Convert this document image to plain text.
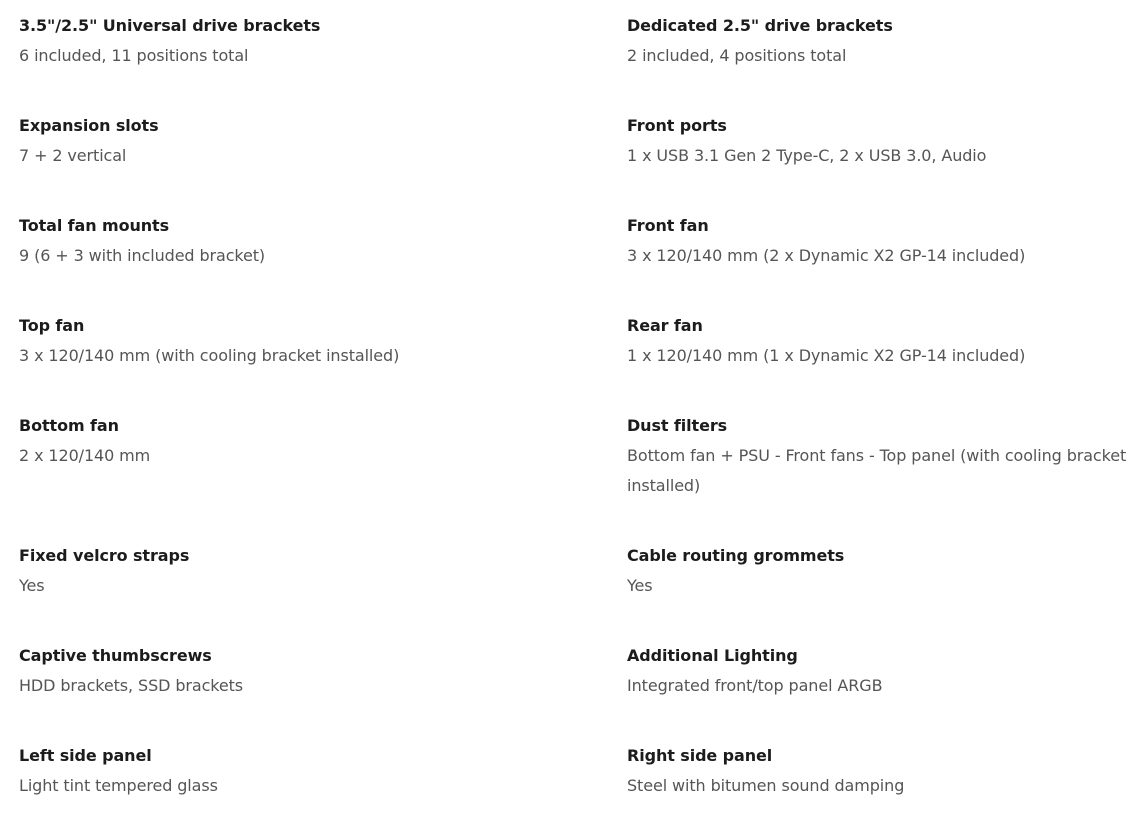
3.5"/2.5" Universal drive brackets
6 included, 11 positions total
Expansion slots
7 + 2 vertical
Total fan mounts
9 (6 + 3 with included bracket)
Top fan
3 x 120/140 mm (with cooling bracket installed)
Bottom fan
2 x 120/140 mm
Fixed velcro straps
Yes
Captive thumbscrews
HDD brackets, SSD brackets
Left side panel
Light tint tempered glass
Dedicated 2.5" drive brackets
2 included, 4 positions total
Front ports
1 x USB 3.1 Gen 2 Type-C, 2 x USB 3.0, Audio
Front fan
3 x 120/140 mm (2 x Dynamic X2 GP-14 included)
Rear fan
1 x 120/140 mm (1 x Dynamic X2 GP-14 included)
Dust filters
Bottom fan + PSU - Front fans - Top panel (with cooling bracket installed)
Cable routing grommets
Yes
Additional Lighting
Integrated front/top panel ARGB
Right side panel
Steel with bitumen sound damping
